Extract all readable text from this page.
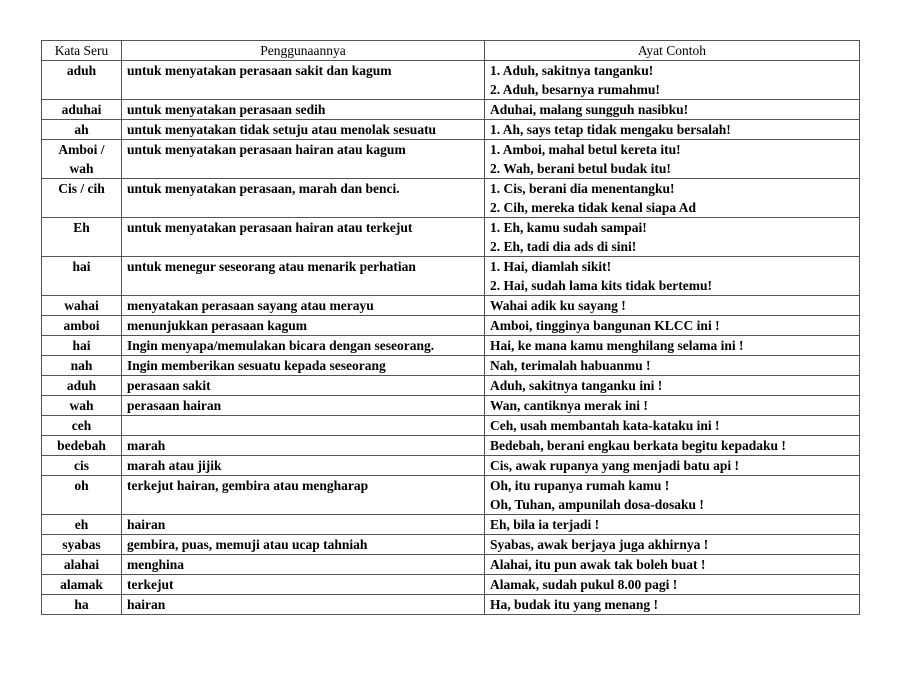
Kata Seru	Penggunaannya	Ayat Contoh

aduh	untuk menyatakan perasaan sakit dan kagum	1. Aduh, sakitnya tanganku!
2. Aduh, besarnya rumahmu!

aduhai	untuk menyatakan perasaan sedih	Aduhai, malang sungguh nasibku!

ah	untuk menyatakan tidak setuju atau menolak sesuatu	1. Ah, says tetap tidak mengaku bersalah!

Amboi /
wah	untuk menyatakan perasaan hairan atau kagum	1. Amboi, mahal betul kereta itu!
2. Wah, berani betul budak itu!

Cis / cih	untuk menyatakan perasaan, marah dan benci.	1. Cis, berani dia menentangku!
2. Cih, mereka tidak kenal siapa Ad

Eh	untuk menyatakan perasaan hairan atau terkejut	1. Eh, kamu sudah sampai!
2. Eh, tadi dia ads di sini!

hai	untuk menegur seseorang atau menarik perhatian	1. Hai, diamlah sikit!
2. Hai, sudah lama kits tidak bertemu!

wahai	menyatakan perasaan sayang atau merayu	Wahai adik ku sayang !

amboi	menunjukkan perasaan kagum	Amboi, tingginya bangunan KLCC ini !

hai	Ingin menyapa/memulakan bicara dengan seseorang.	Hai, ke mana kamu menghilang selama ini !

nah	Ingin memberikan sesuatu kepada seseorang	Nah, terimalah habuanmu !

aduh	perasaan sakit	Aduh, sakitnya tanganku ini !

wah	perasaan hairan	Wan, cantiknya merak ini !

ceh		Ceh, usah membantah kata-kataku ini !

bedebah	marah	Bedebah, berani engkau berkata begitu kepadaku !

cis	marah atau jijik	Cis, awak rupanya yang menjadi batu api !

oh	terkejut hairan, gembira atau mengharap	Oh, itu rupanya rumah kamu !
Oh, Tuhan, ampunilah dosa-dosaku !

eh	hairan	Eh, bila ia terjadi !

syabas	gembira, puas, memuji atau ucap tahniah	Syabas, awak berjaya juga akhirnya !

alahai	menghina	Alahai, itu pun awak tak boleh buat !

alamak	terkejut	Alamak, sudah pukul 8.00 pagi !

ha	hairan	Ha, budak itu yang menang !
